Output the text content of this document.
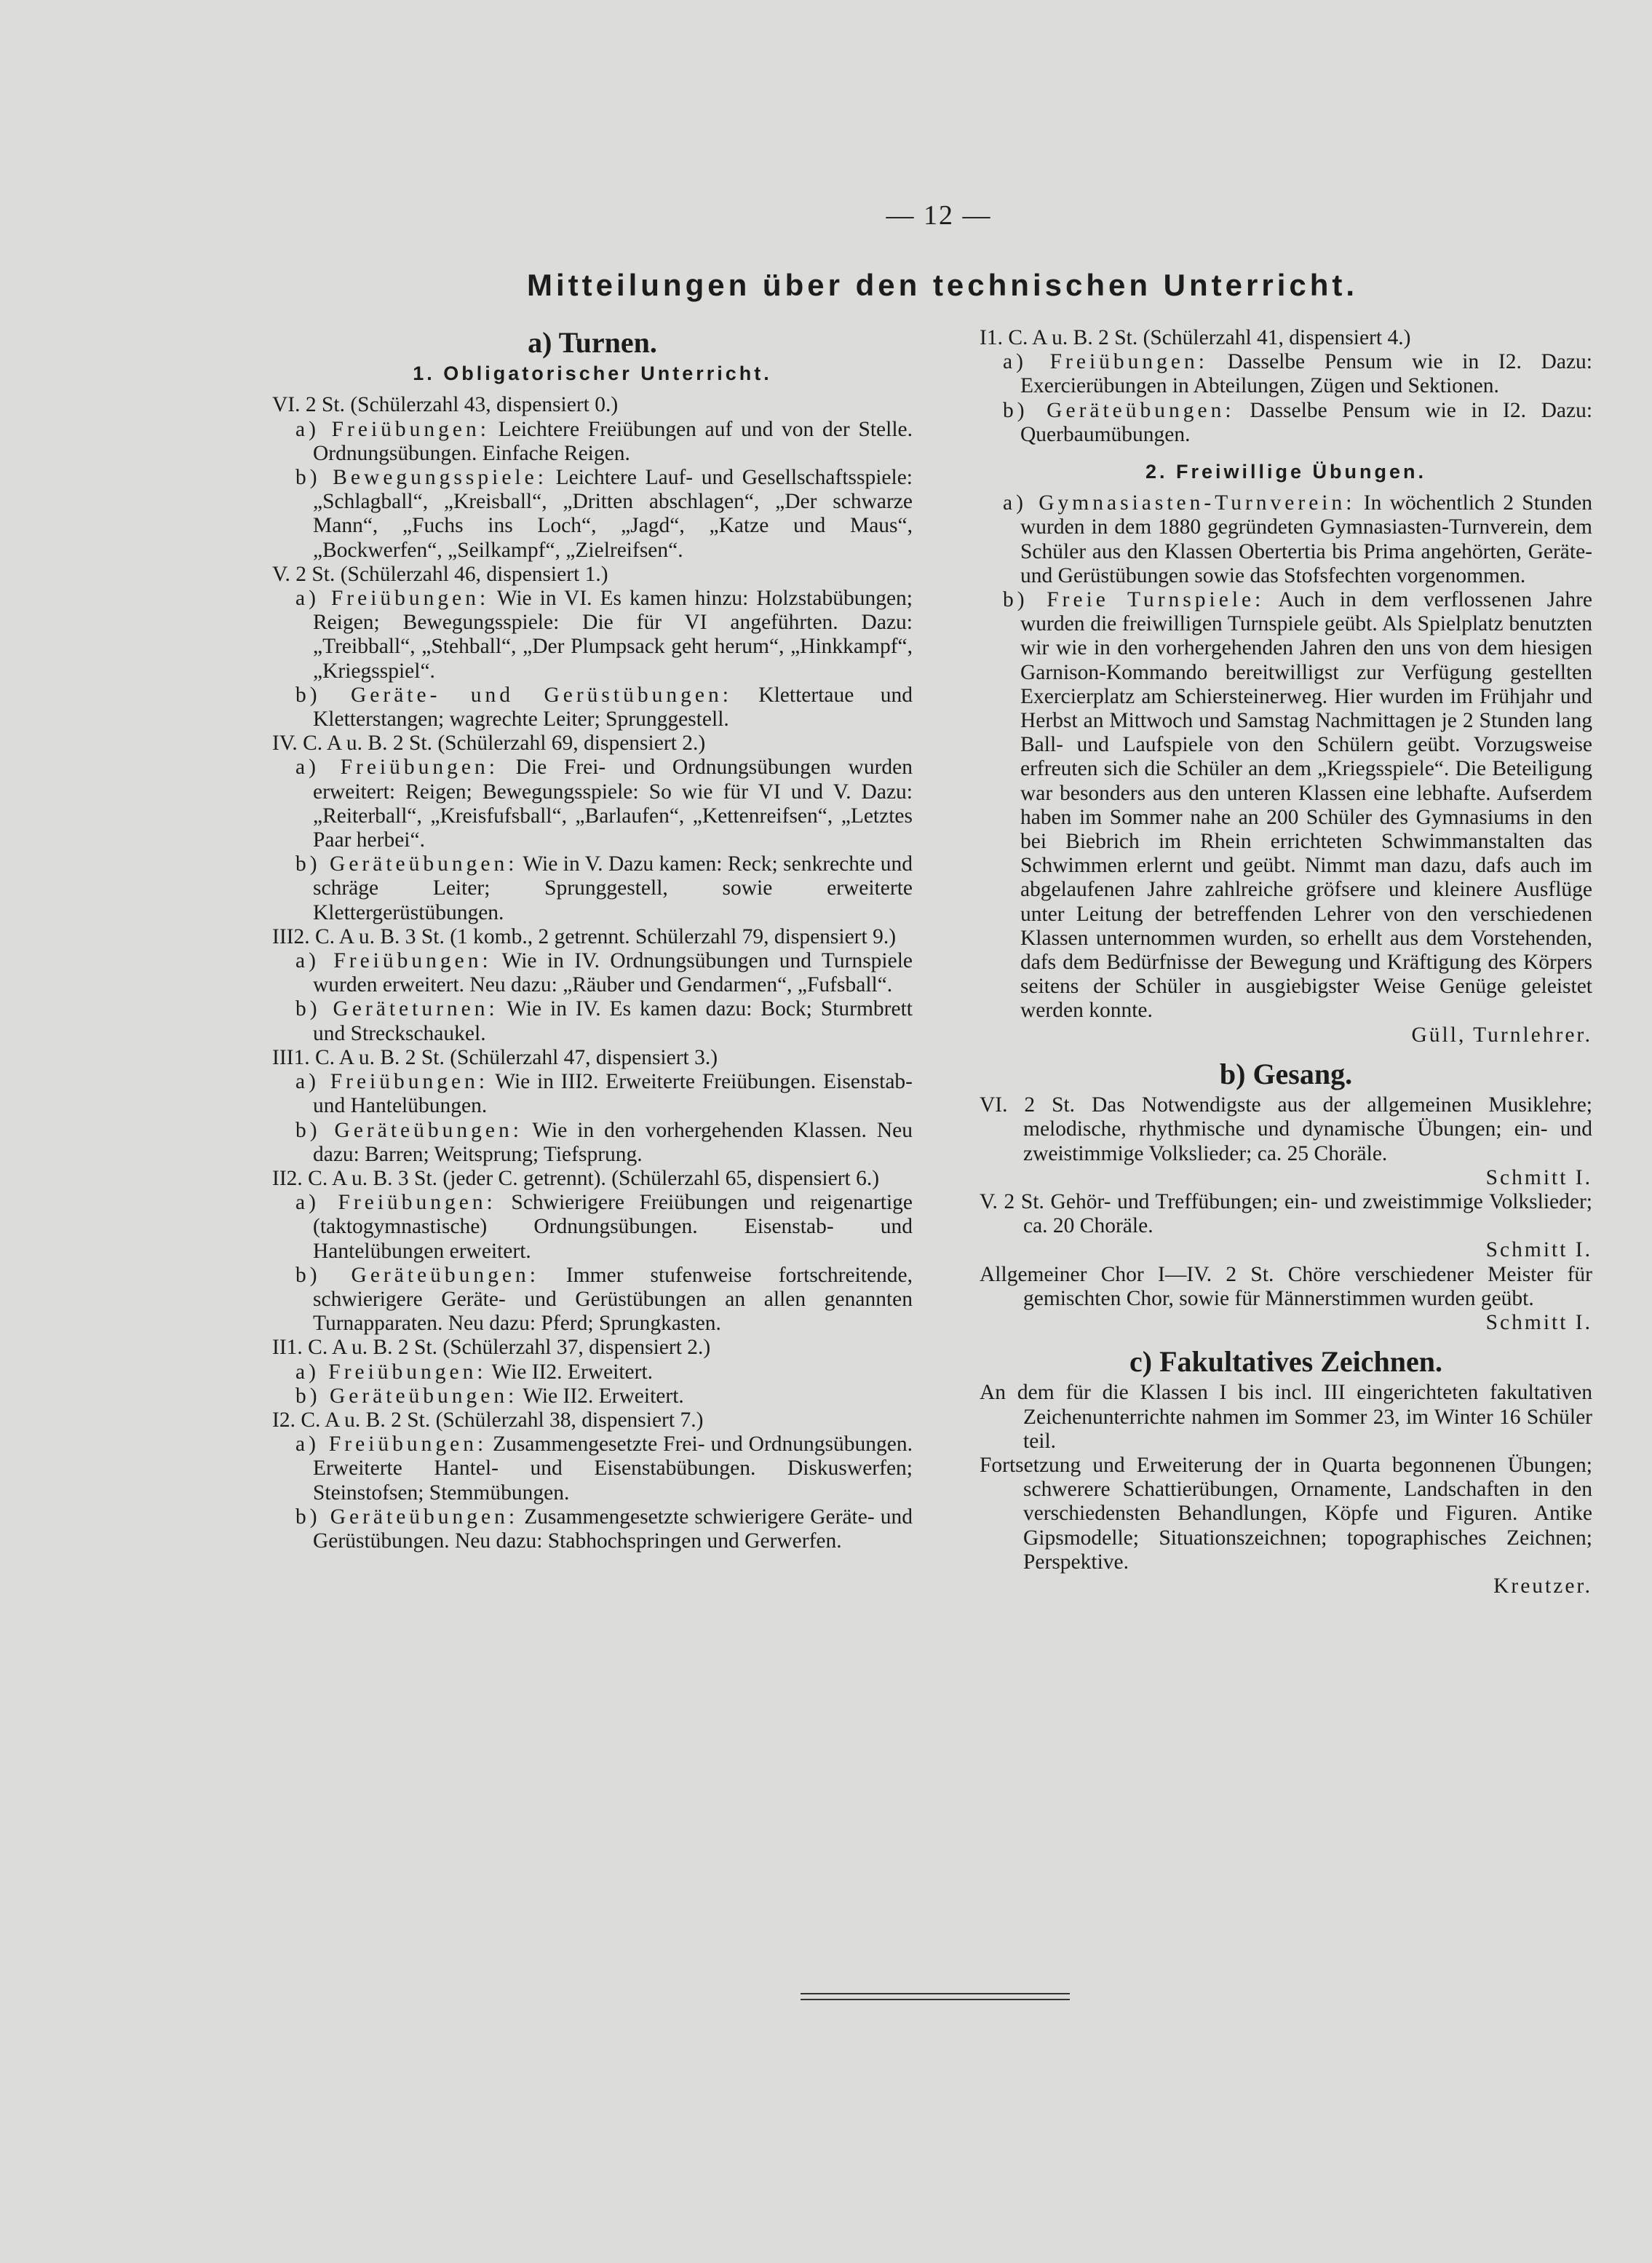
— 12 —
Mitteilungen über den technischen Unterricht.
a) Turnen.
1. Obligatorischer Unterricht.
VI. 2 St. (Schülerzahl 43, dispensiert 0.)
a) Freiübungen: Leichtere Freiübungen auf und von der Stelle. Ordnungsübungen. Einfache Reigen.
b) Bewegungsspiele: Leichtere Lauf- und Gesellschaftsspiele: „Schlagball“, „Kreisball“, „Dritten abschlagen“, „Der schwarze Mann“, „Fuchs ins Loch“, „Jagd“, „Katze und Maus“, „Bockwerfen“, „Seilkampf“, „Zielreifsen“.
V. 2 St. (Schülerzahl 46, dispensiert 1.)
a) Freiübungen: Wie in VI. Es kamen hinzu: Holzstabübungen; Reigen; Bewegungsspiele: Die für VI angeführten. Dazu: „Treibball“, „Stehball“, „Der Plumpsack geht herum“, „Hinkkampf“, „Kriegsspiel“.
b) Geräte- und Gerüstübungen: Klettertaue und Kletterstangen; wagrechte Leiter; Sprunggestell.
IV. C. A u. B. 2 St. (Schülerzahl 69, dispensiert 2.)
a) Freiübungen: Die Frei- und Ordnungsübungen wurden erweitert: Reigen; Bewegungsspiele: So wie für VI und V. Dazu: „Reiterball“, „Kreisfufsball“, „Barlaufen“, „Kettenreifsen“, „Letztes Paar herbei“.
b) Geräteübungen: Wie in V. Dazu kamen: Reck; senkrechte und schräge Leiter; Sprunggestell, sowie erweiterte Klettergerüstübungen.
III2. C. A u. B. 3 St. (1 komb., 2 getrennt. Schülerzahl 79, dispensiert 9.)
a) Freiübungen: Wie in IV. Ordnungsübungen und Turnspiele wurden erweitert. Neu dazu: „Räuber und Gendarmen“, „Fufsball“.
b) Geräteturnen: Wie in IV. Es kamen dazu: Bock; Sturmbrett und Streckschaukel.
III1. C. A u. B. 2 St. (Schülerzahl 47, dispensiert 3.)
a) Freiübungen: Wie in III2. Erweiterte Freiübungen. Eisenstab- und Hantelübungen.
b) Geräteübungen: Wie in den vorhergehenden Klassen. Neu dazu: Barren; Weitsprung; Tiefsprung.
II2. C. A u. B. 3 St. (jeder C. getrennt). (Schülerzahl 65, dispensiert 6.)
a) Freiübungen: Schwierigere Freiübungen und reigenartige (taktogymnastische) Ordnungsübungen. Eisenstab- und Hantelübungen erweitert.
b) Geräteübungen: Immer stufenweise fortschreitende, schwierigere Geräte- und Gerüstübungen an allen genannten Turnapparaten. Neu dazu: Pferd; Sprungkasten.
II1. C. A u. B. 2 St. (Schülerzahl 37, dispensiert 2.)
a) Freiübungen: Wie II2. Erweitert.
b) Geräteübungen: Wie II2. Erweitert.
I2. C. A u. B. 2 St. (Schülerzahl 38, dispensiert 7.)
a) Freiübungen: Zusammengesetzte Frei- und Ordnungsübungen. Erweiterte Hantel- und Eisenstabübungen. Diskuswerfen; Steinstofsen; Stemmübungen.
b) Geräteübungen: Zusammengesetzte schwierigere Geräte- und Gerüstübungen. Neu dazu: Stabhochspringen und Gerwerfen.
I1. C. A u. B. 2 St. (Schülerzahl 41, dispensiert 4.)
a) Freiübungen: Dasselbe Pensum wie in I2. Dazu: Exercierübungen in Abteilungen, Zügen und Sektionen.
b) Geräteübungen: Dasselbe Pensum wie in I2. Dazu: Querbaumübungen.
2. Freiwillige Übungen.
a) Gymnasiasten-Turnverein: In wöchentlich 2 Stunden wurden in dem 1880 gegründeten Gymnasiasten-Turnverein, dem Schüler aus den Klassen Obertertia bis Prima angehörten, Geräte- und Gerüstübungen sowie das Stofsfechten vorgenommen.
b) Freie Turnspiele: Auch in dem verflossenen Jahre wurden die freiwilligen Turnspiele geübt. Als Spielplatz benutzten wir wie in den vorhergehenden Jahren den uns von dem hiesigen Garnison-Kommando bereitwilligst zur Verfügung gestellten Exercierplatz am Schiersteinerweg. Hier wurden im Frühjahr und Herbst an Mittwoch und Samstag Nachmittagen je 2 Stunden lang Ball- und Laufspiele von den Schülern geübt. Vorzugsweise erfreuten sich die Schüler an dem „Kriegsspiele“. Die Beteiligung war besonders aus den unteren Klassen eine lebhafte. Aufserdem haben im Sommer nahe an 200 Schüler des Gymnasiums in den bei Biebrich im Rhein errichteten Schwimmanstalten das Schwimmen erlernt und geübt. Nimmt man dazu, dafs auch im abgelaufenen Jahre zahlreiche gröfsere und kleinere Ausflüge unter Leitung der betreffenden Lehrer von den verschiedenen Klassen unternommen wurden, so erhellt aus dem Vorstehenden, dafs dem Bedürfnisse der Bewegung und Kräftigung des Körpers seitens der Schüler in ausgiebigster Weise Genüge geleistet werden konnte.
Güll, Turnlehrer.
b) Gesang.
VI. 2 St. Das Notwendigste aus der allgemeinen Musiklehre; melodische, rhythmische und dynamische Übungen; ein- und zweistimmige Volkslieder; ca. 25 Choräle.
Schmitt I.
V. 2 St. Gehör- und Treffübungen; ein- und zweistimmige Volkslieder; ca. 20 Choräle.
Schmitt I.
Allgemeiner Chor I—IV. 2 St. Chöre verschiedener Meister für gemischten Chor, sowie für Männerstimmen wurden geübt.
Schmitt I.
c) Fakultatives Zeichnen.
An dem für die Klassen I bis incl. III eingerichteten fakultativen Zeichenunterrichte nahmen im Sommer 23, im Winter 16 Schüler teil.
Fortsetzung und Erweiterung der in Quarta begonnenen Übungen; schwerere Schattierübungen, Ornamente, Landschaften in den verschiedensten Behandlungen, Köpfe und Figuren. Antike Gipsmodelle; Situationszeichnen; topographisches Zeichnen; Perspektive.
Kreutzer.
